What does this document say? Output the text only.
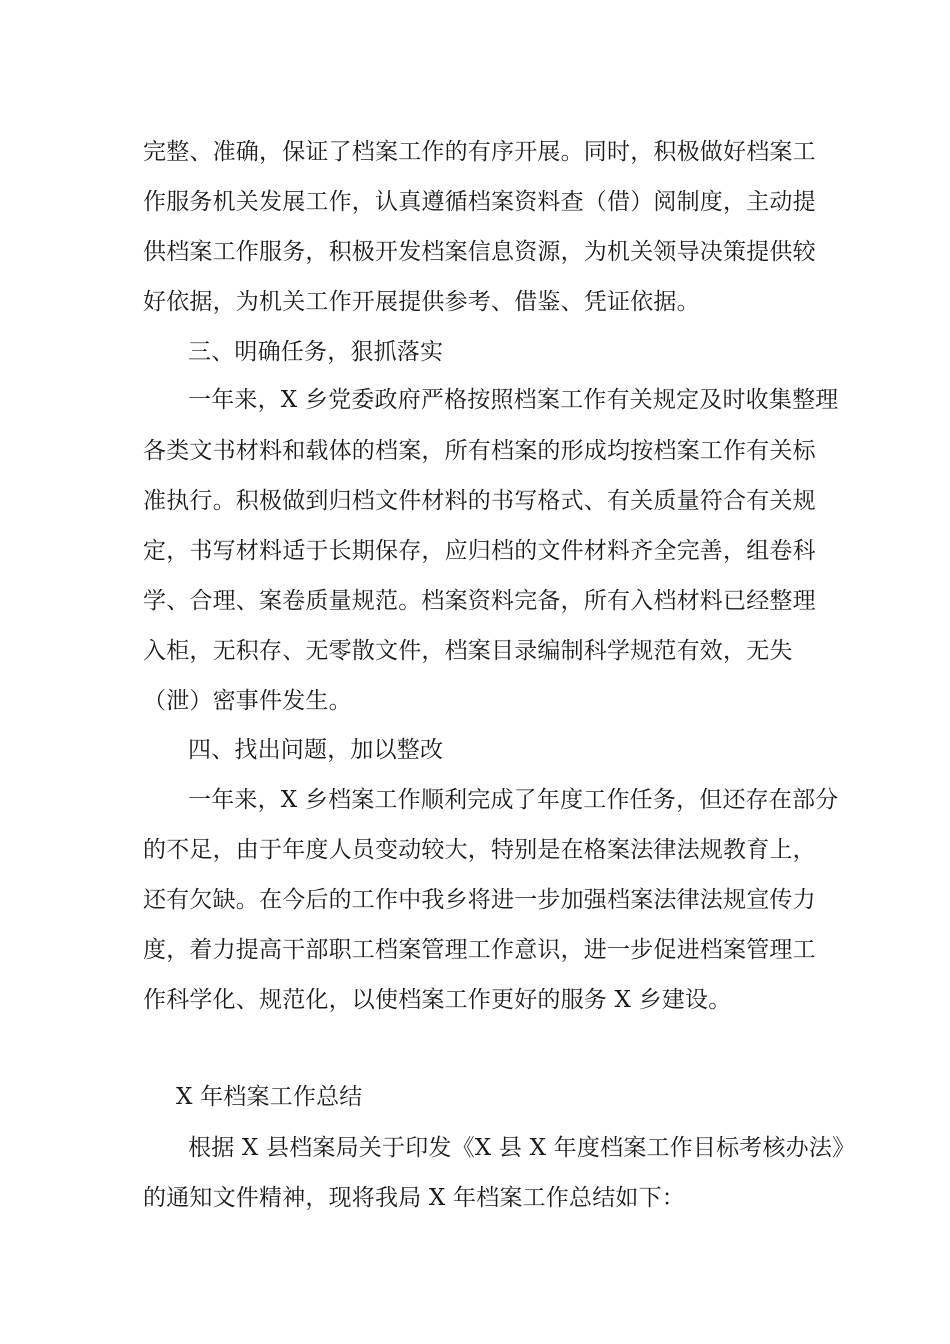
完整、准确，保证了档案工作的有序开展。同时，积极做好档案工
作服务机关发展工作，认真遵循档案资料查（借）阅制度，主动提
供档案工作服务，积极开发档案信息资源，为机关领导决策提供较
好依据，为机关工作开展提供参考、借鉴、凭证依据。
三、明确任务，狠抓落实
一年来，X 乡党委政府严格按照档案工作有关规定及时收集整理
各类文书材料和载体的档案，所有档案的形成均按档案工作有关标
准执行。积极做到归档文件材料的书写格式、有关质量符合有关规
定，书写材料适于长期保存，应归档的文件材料齐全完善，组卷科
学、合理、案卷质量规范。档案资料完备，所有入档材料已经整理
入柜，无积存、无零散文件，档案目录编制科学规范有效，无失
（泄）密事件发生。
四、找出问题，加以整改
一年来，X 乡档案工作顺利完成了年度工作任务，但还存在部分
的不足，由于年度人员变动较大，特别是在格案法律法规教育上，
还有欠缺。在今后的工作中我乡将进一步加强档案法律法规宣传力
度，着力提高干部职工档案管理工作意识，进一步促进档案管理工
作科学化、规范化，以使档案工作更好的服务 X 乡建设。
X 年档案工作总结
根据 X 县档案局关于印发《X 县 X 年度档案工作目标考核办法》
的通知文件精神，现将我局 X 年档案工作总结如下：
